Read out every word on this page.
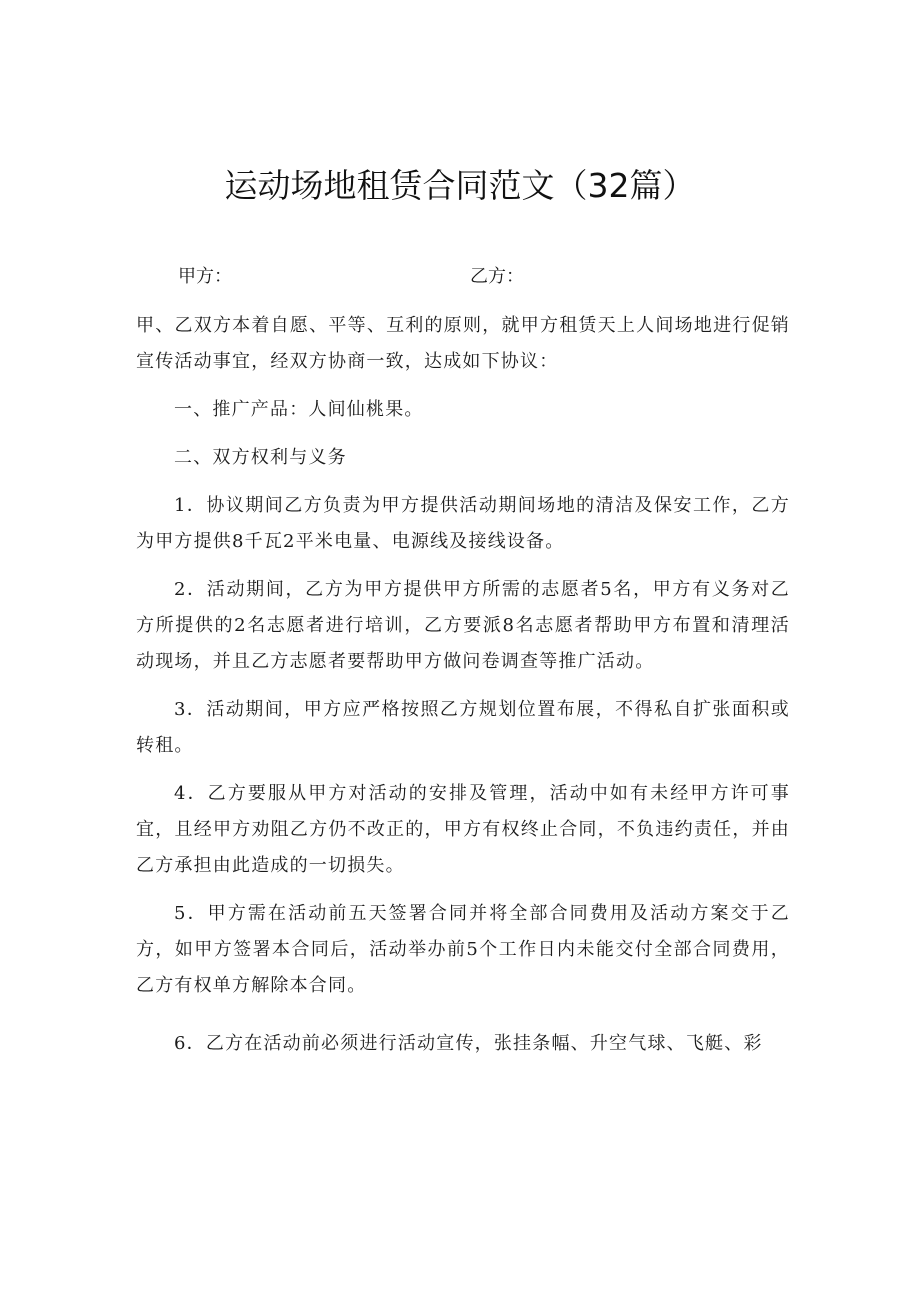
运动场地租赁合同范文（32篇）
甲方：	乙方：

甲、乙双方本着自愿、平等、互利的原则，就甲方租赁天上人间场地进行促销宣传活动事宜，经双方协商一致，达成如下协议：

一、推广产品：人间仙桃果。

二、双方权利与义务

1．协议期间乙方负责为甲方提供活动期间场地的清洁及保安工作，乙方为甲方提供8千瓦2平米电量、电源线及接线设备。

2．活动期间，乙方为甲方提供甲方所需的志愿者5名，甲方有义务对乙方所提供的2名志愿者进行培训，乙方要派8名志愿者帮助甲方布置和清理活动现场，并且乙方志愿者要帮助甲方做问卷调查等推广活动。

3．活动期间，甲方应严格按照乙方规划位置布展，不得私自扩张面积或转租。

4．乙方要服从甲方对活动的安排及管理，活动中如有未经甲方许可事宜，且经甲方劝阻乙方仍不改正的，甲方有权终止合同，不负违约责任，并由乙方承担由此造成的一切损失。

5．甲方需在活动前五天签署合同并将全部合同费用及活动方案交于乙方，如甲方签署本合同后，活动举办前5个工作日内未能交付全部合同费用，乙方有权单方解除本合同。

6．乙方在活动前必须进行活动宣传，张挂条幅、升空气球、飞艇、彩
